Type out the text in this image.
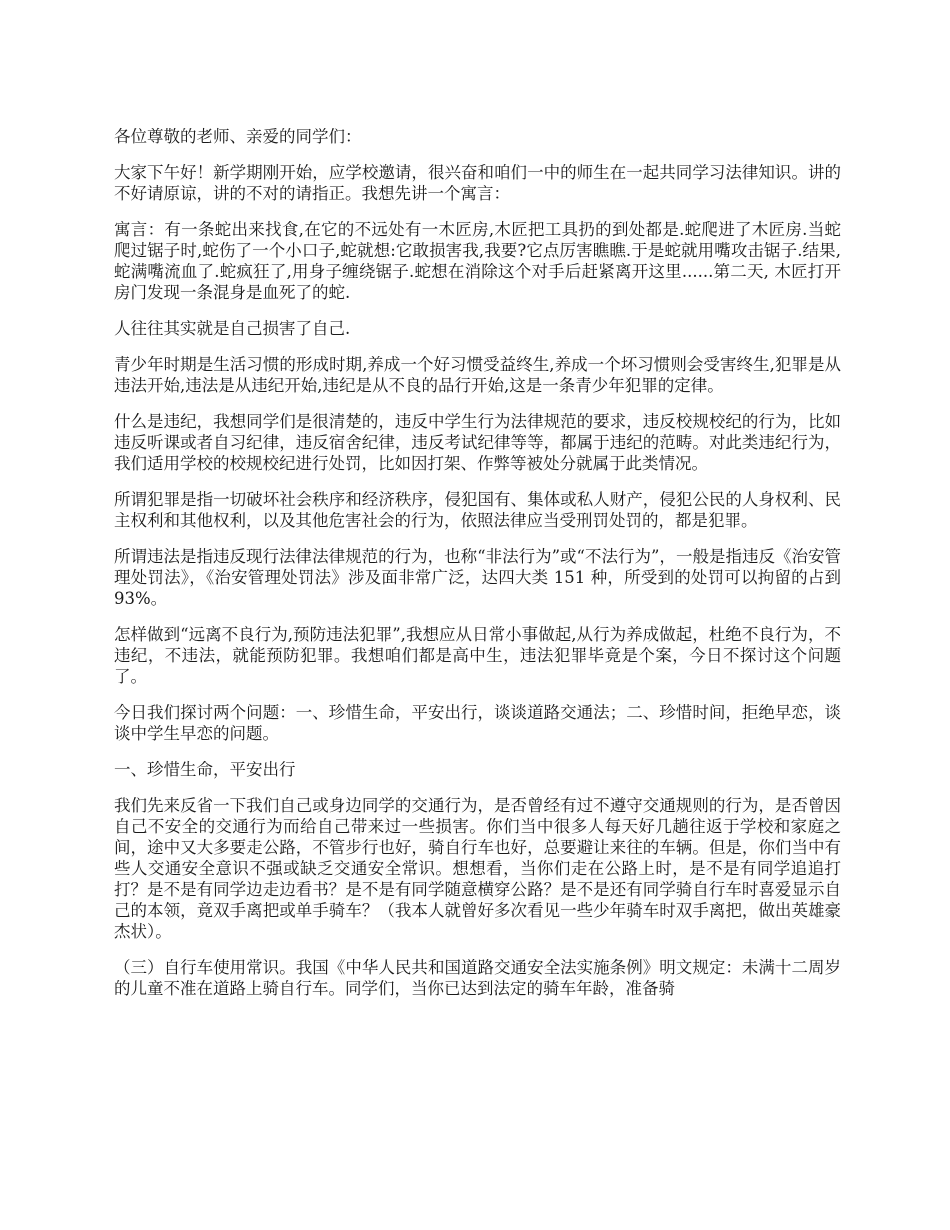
各位尊敬的老师、亲爱的同学们：

大家下午好！新学期刚开始，应学校邀请，很兴奋和咱们一中的师生在一起共同学习法律知识。讲的不好请原谅，讲的不对的请指正。我想先讲一个寓言：

寓言：有一条蛇出来找食,在它的不远处有一木匠房,木匠把工具扔的到处都是.蛇爬进了木匠房.当蛇爬过锯子时,蛇伤了一个小口子,蛇就想:它敢损害我,我要?它点厉害瞧瞧.于是蛇就用嘴攻击锯子.结果,蛇满嘴流血了.蛇疯狂了,用身子缠绕锯子.蛇想在消除这个对手后赶紧离开这里......第二天, 木匠打开房门发现一条混身是血死了的蛇.

人往往其实就是自己损害了自己.

青少年时期是生活习惯的形成时期,养成一个好习惯受益终生,养成一个坏习惯则会受害终生,犯罪是从违法开始,违法是从违纪开始,违纪是从不良的品行开始,这是一条青少年犯罪的定律。

什么是违纪，我想同学们是很清楚的，违反中学生行为法律规范的要求，违反校规校纪的行为，比如违反听课或者自习纪律，违反宿舍纪律，违反考试纪律等等，都属于违纪的范畴。对此类违纪行为，我们适用学校的校规校纪进行处罚，比如因打架、作弊等被处分就属于此类情况。

所谓犯罪是指一切破坏社会秩序和经济秩序，侵犯国有、集体或私人财产，侵犯公民的人身权利、民主权利和其他权利，以及其他危害社会的行为，依照法律应当受刑罚处罚的，都是犯罪。

所谓违法是指违反现行法律法律规范的行为，也称“非法行为”或“不法行为”，一般是指违反《治安管理处罚法》，《治安管理处罚法》涉及面非常广泛，达四大类 151 种，所受到的处罚可以拘留的占到 93%。

怎样做到“远离不良行为,预防违法犯罪”,我想应从日常小事做起,从行为养成做起，杜绝不良行为，不违纪，不违法，就能预防犯罪。我想咱们都是高中生，违法犯罪毕竟是个案，今日不探讨这个问题了。

今日我们探讨两个问题：一、珍惜生命，平安出行，谈谈道路交通法；二、珍惜时间，拒绝早恋，谈谈中学生早恋的问题。

一、珍惜生命，平安出行

我们先来反省一下我们自己或身边同学的交通行为，是否曾经有过不遵守交通规则的行为，是否曾因自己不安全的交通行为而给自己带来过一些损害。你们当中很多人每天好几趟往返于学校和家庭之间，途中又大多要走公路，不管步行也好，骑自行车也好，总要避让来往的车辆。但是，你们当中有些人交通安全意识不强或缺乏交通安全常识。想想看，当你们走在公路上时，是不是有同学追追打打？是不是有同学边走边看书？是不是有同学随意横穿公路？是不是还有同学骑自行车时喜爱显示自己的本领，竟双手离把或单手骑车？（我本人就曾好多次看见一些少年骑车时双手离把，做出英雄豪杰状）。

（三）自行车使用常识。我国《中华人民共和国道路交通安全法实施条例》明文规定：未满十二周岁的儿童不准在道路上骑自行车。同学们，当你已达到法定的骑车年龄，准备骑
